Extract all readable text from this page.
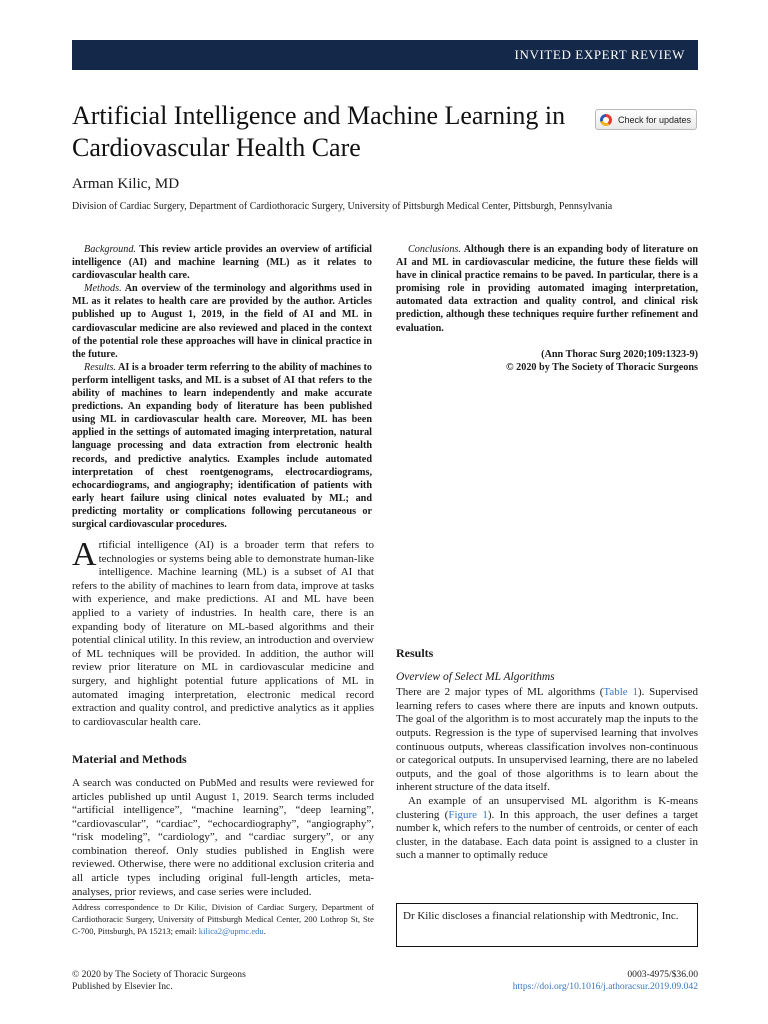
INVITED EXPERT REVIEW
Artificial Intelligence and Machine Learning in Cardiovascular Health Care
Check for updates
Arman Kilic, MD
Division of Cardiac Surgery, Department of Cardiothoracic Surgery, University of Pittsburgh Medical Center, Pittsburgh, Pennsylvania

Background. This review article provides an overview of artificial intelligence (AI) and machine learning (ML) as it relates to cardiovascular health care.

Methods. An overview of the terminology and algorithms used in ML as it relates to health care are provided by the author. Articles published up to August 1, 2019, in the field of AI and ML in cardiovascular medicine are also reviewed and placed in the context of the potential role these approaches will have in clinical practice in the future.

Results. AI is a broader term referring to the ability of machines to perform intelligent tasks, and ML is a subset of AI that refers to the ability of machines to learn independently and make accurate predictions. An expanding body of literature has been published using ML in cardiovascular health care. Moreover, ML has been applied in the settings of automated imaging interpretation, natural language processing and data extraction from electronic health records, and predictive analytics. Examples include automated interpretation of chest roentgenograms, electrocardiograms, echocardiograms, and angiography; identification of patients with early heart failure using clinical notes evaluated by ML; and predicting mortality or complications following percutaneous or surgical cardiovascular procedures.

Conclusions. Although there is an expanding body of literature on AI and ML in cardiovascular medicine, the future these fields will have in clinical practice remains to be paved. In particular, there is a promising role in providing automated imaging interpretation, automated data extraction and quality control, and clinical risk prediction, although these techniques require further refinement and evaluation.

(Ann Thorac Surg 2020;109:1323-9)
© 2020 by The Society of Thoracic Surgeons

Artificial intelligence (AI) is a broader term that refers to technologies or systems being able to demonstrate human-like intelligence. Machine learning (ML) is a subset of AI that refers to the ability of machines to learn from data, improve at tasks with experience, and make predictions. AI and ML have been applied to a variety of industries. In health care, there is an expanding body of literature on ML-based algorithms and their potential clinical utility. In this review, an introduction and overview of ML techniques will be provided. In addition, the author will review prior literature on ML in cardiovascular medicine and surgery, and highlight potential future applications of ML in automated imaging interpretation, electronic medical record extraction and quality control, and predictive analytics as it applies to cardiovascular health care.

Material and Methods

A search was conducted on PubMed and results were reviewed for articles published up until August 1, 2019. Search terms included “artificial intelligence”, “machine learning”, “deep learning”, “cardiovascular”, “cardiac”, “echocardiography”, “angiography”, “risk modeling”, “cardiology”, and “cardiac surgery”, or any combination thereof. Only studies published in English were reviewed. Otherwise, there were no additional exclusion criteria and all article types including original full-length articles, meta-analyses, prior reviews, and case series were included.

Results
Overview of Select ML Algorithms

There are 2 major types of ML algorithms (Table 1). Supervised learning refers to cases where there are inputs and known outputs. The goal of the algorithm is to most accurately map the inputs to the outputs. Regression is the type of supervised learning that involves continuous outputs, whereas classification involves non-continuous or categorical outputs. In unsupervised learning, there are no labeled outputs, and the goal of those algorithms is to learn about the inherent structure of the data itself.

An example of an unsupervised ML algorithm is K-means clustering (Figure 1). In this approach, the user defines a target number k, which refers to the number of centroids, or center of each cluster, in the database. Each data point is assigned to a cluster in such a manner to optimally reduce

Address correspondence to Dr Kilic, Division of Cardiac Surgery, Department of Cardiothoracic Surgery, University of Pittsburgh Medical Center, 200 Lothrop St, Ste C-700, Pittsburgh, PA 15213; email: kilica2@upmc.edu.
Dr Kilic discloses a financial relationship with Medtronic, Inc.
© 2020 by The Society of Thoracic Surgeons
Published by Elsevier Inc.
0003-4975/$36.00
https://doi.org/10.1016/j.athoracsur.2019.09.042
